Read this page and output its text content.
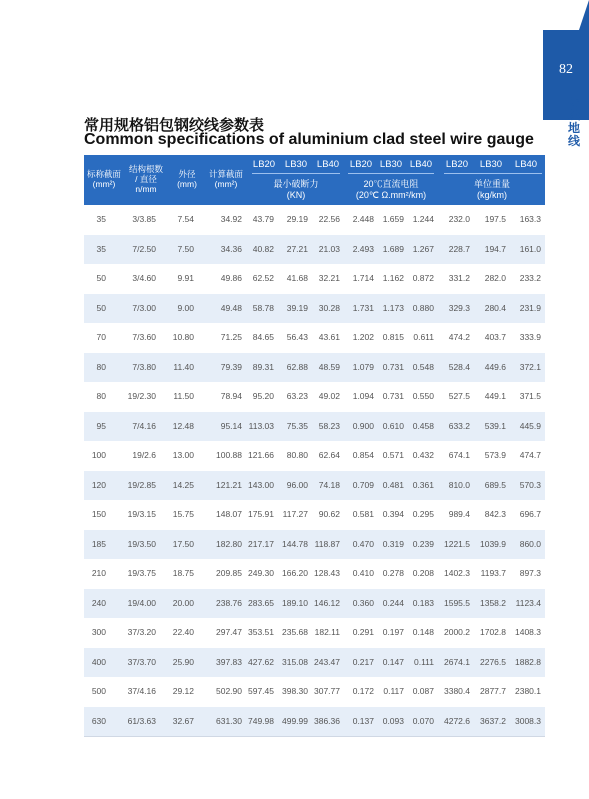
82
导
线
地
线
常用规格铝包钢绞线参数表
Common specifications of aluminium clad steel wire gauge
标称截面
(mm²)
结构根数
/ 直径
n/mm
外径
(mm)
计算截面
(mm²)
LB20	LB30	LB40	LB20 LB30 LB40	LB20	LB30	LB40
最小破断力
(KN)
20℃直流电阻
(20℃ Ω.mm²/km)
单位重量
(kg/km)
35	3/3.85	7.54	34.92	43.79	29.19	22.56	2.448	1.659	1.244	232.0	197.5	163.3
35	7/2.50	7.50	34.36	40.82	27.21	21.03	2.493	1.689	1.267	228.7	194.7	161.0
50	3/4.60	9.91	49.86	62.52	41.68	32.21	1.714	1.162	0.872	331.2	282.0	233.2
50	7/3.00	9.00	49.48	58.78	39.19	30.28	1.731	1.173	0.880	329.3	280.4	231.9
70	7/3.60	10.80	71.25	84.65	56.43	43.61	1.202	0.815	0.611	474.2	403.7	333.9
80	7/3.80	11.40	79.39	89.31	62.88	48.59	1.079	0.731	0.548	528.4	449.6	372.1
80	19/2.30	11.50	78.94	95.20	63.23	49.02	1.094	0.731	0.550	527.5	449.1	371.5
95	7/4.16	12.48	95.14 113.03	75.35	58.23	0.900	0.610	0.458	633.2	539.1	445.9
100	19/2.6	13.00	100.88 121.66	80.80	62.64	0.854	0.571	0.432	674.1	573.9	474.7
120	19/2.85	14.25	121.21 143.00	96.00	74.18	0.709	0.481	0.361	810.0	689.5	570.3
150	19/3.15	15.75	148.07 175.91	117.27	90.62	0.581	0.394	0.295	989.4	842.3	696.7
185	19/3.50	17.50	182.80 217.17 144.78 118.87	0.470	0.319	0.239	1221.5	1039.9	860.0
210	19/3.75	18.75	209.85 249.30 166.20 128.43	0.410	0.278	0.208	1402.3	1193.7	897.3
240	19/4.00	20.00	238.76 283.65 189.10 146.12	0.360	0.244	0.183	1595.5	1358.2	1123.4
300	37/3.20	22.40	297.47 353.51 235.68 182.11	0.291	0.197	0.148	2000.2	1702.8	1408.3
400	37/3.70	25.90	397.83 427.62 315.08 243.47	0.217	0.147	0.111	2674.1	2276.5	1882.8
500	37/4.16	29.12	502.90 597.45 398.30 307.77	0.172	0.117	0.087	3380.4	2877.7	2380.1
630	61/3.63	32.67	631.30 749.98 499.99 386.36	0.137	0.093	0.070	4272.6	3637.2	3008.3
